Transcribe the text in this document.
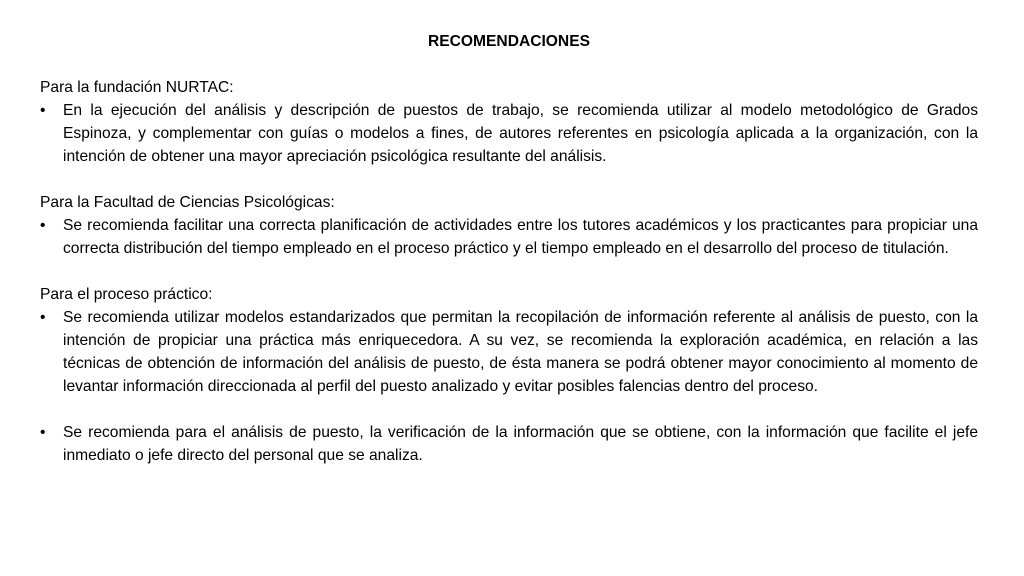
RECOMENDACIONES

Para la fundación NURTAC:

• En la ejecución del análisis y descripción de puestos de trabajo, se recomienda utilizar al modelo metodológico de Grados Espinoza, y complementar con guías o modelos a fines, de autores referentes en psicología aplicada a la organización, con la intención de obtener una mayor apreciación psicológica resultante del análisis.

Para la Facultad de Ciencias Psicológicas:

• Se recomienda facilitar una correcta planificación de actividades entre los tutores académicos y los practicantes para propiciar una correcta distribución del tiempo empleado en el proceso práctico y el tiempo empleado en el desarrollo del proceso de titulación.

Para el proceso práctico:

• Se recomienda utilizar modelos estandarizados que permitan la recopilación de información referente al análisis de puesto, con la intención de propiciar una práctica más enriquecedora. A su vez, se recomienda la exploración académica, en relación a las técnicas de obtención de información del análisis de puesto, de ésta manera se podrá obtener mayor conocimiento al momento de levantar información direccionada al perfil del puesto analizado y evitar posibles falencias dentro del proceso.

• Se recomienda para el análisis de puesto, la verificación de la información que se obtiene, con la información que facilite el jefe inmediato o jefe directo del personal que se analiza.
